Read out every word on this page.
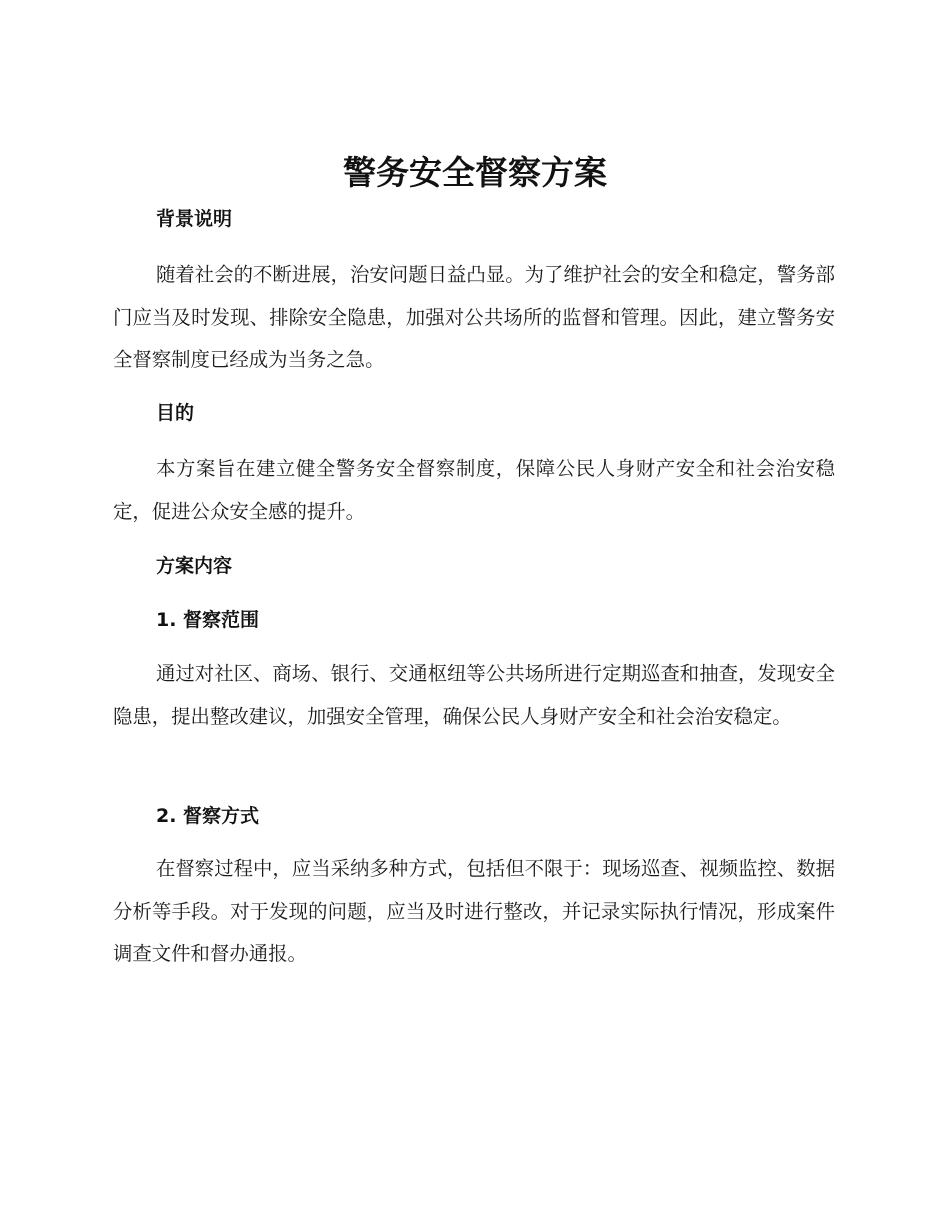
警务安全督察方案
背景说明

随着社会的不断进展，治安问题日益凸显。为了维护社会的安全和稳定，警务部门应当及时发现、排除安全隐患，加强对公共场所的监督和管理。因此，建立警务安全督察制度已经成为当务之急。

目的

本方案旨在建立健全警务安全督察制度，保障公民人身财产安全和社会治安稳定，促进公众安全感的提升。

方案内容
1. 督察范围

通过对社区、商场、银行、交通枢纽等公共场所进行定期巡查和抽查，发现安全隐患，提出整改建议，加强安全管理，确保公民人身财产安全和社会治安稳定。

2. 督察方式

在督察过程中，应当采纳多种方式，包括但不限于：现场巡查、视频监控、数据分析等手段。对于发现的问题，应当及时进行整改，并记录实际执行情况，形成案件调查文件和督办通报。
